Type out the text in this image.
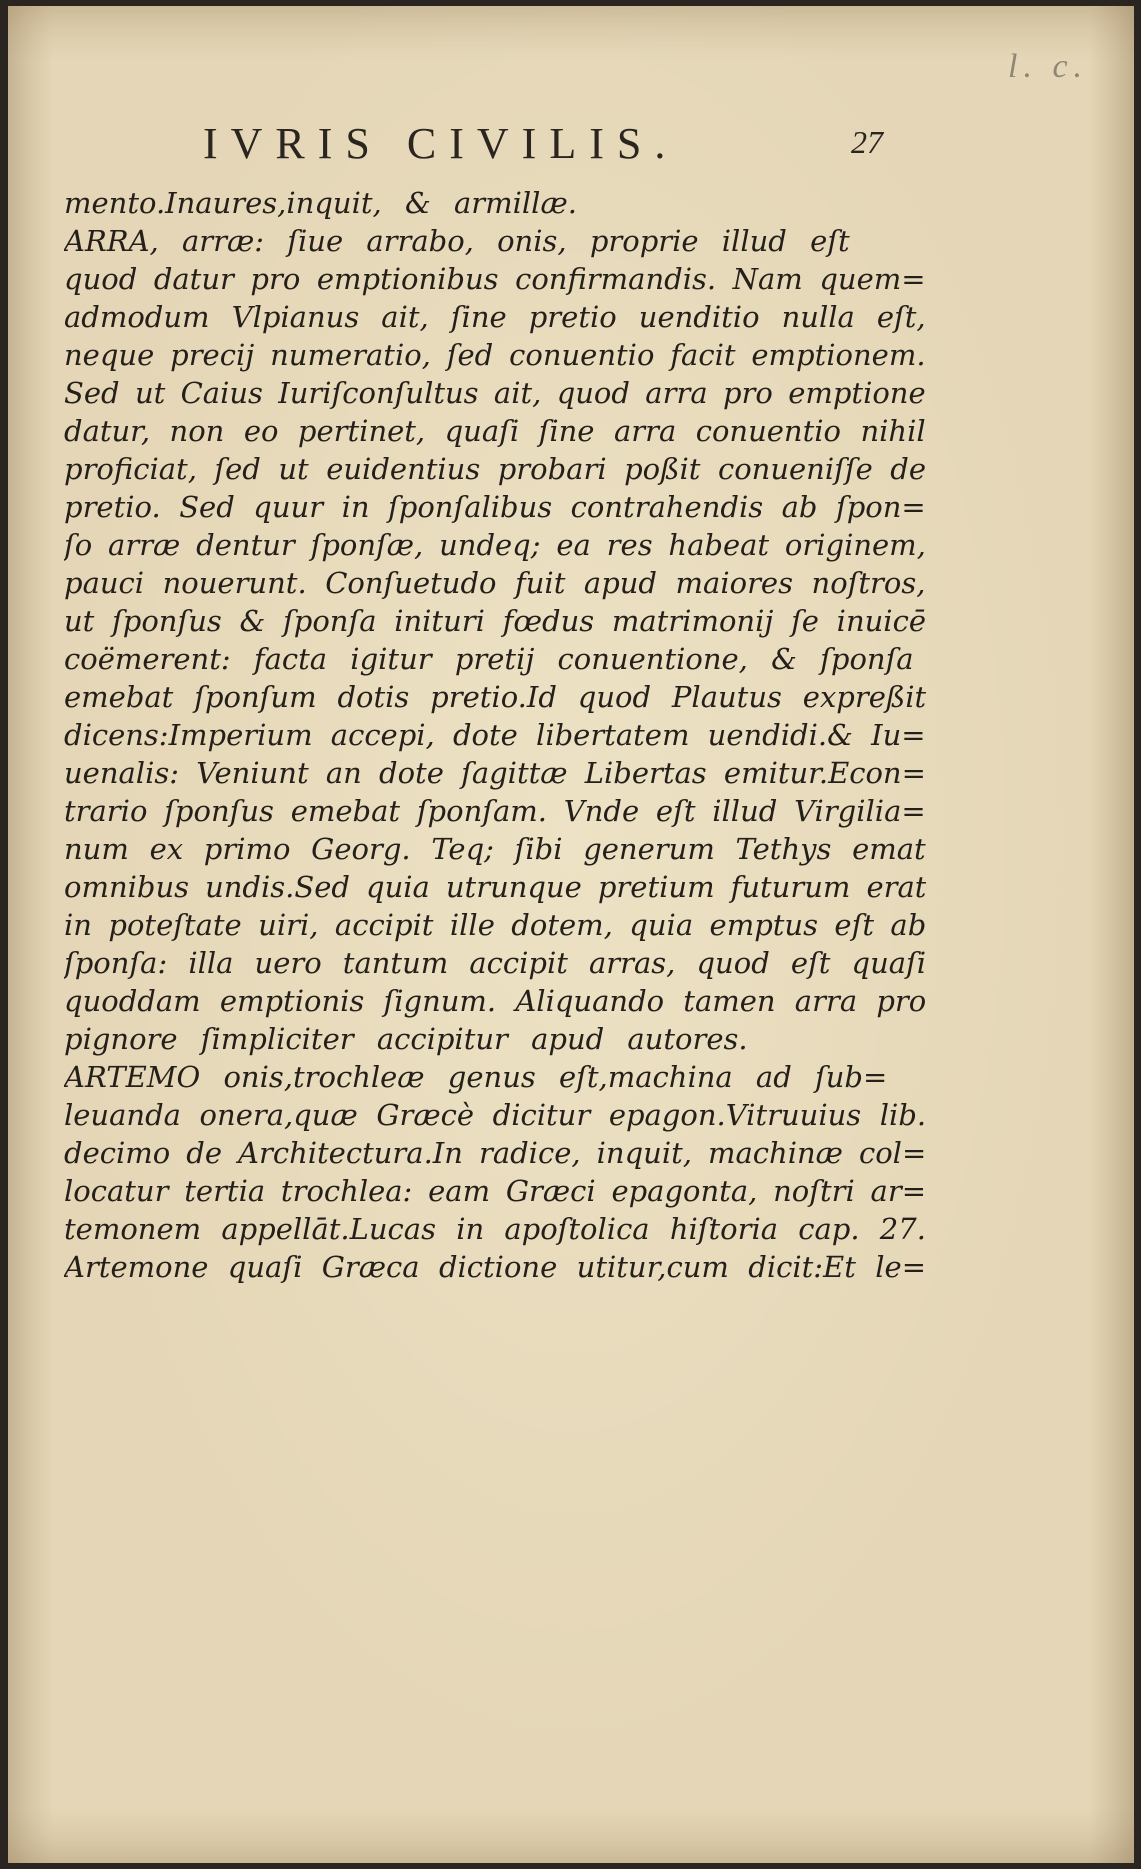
l. c.
IVRIS CIVILIS.	27
mento.Inaures,inquit, & armillæ.
ARRA, arræ: ſiue arrabo, onis, proprie illud eſt
quod datur pro emptionibus confirmandis. Nam quem=
admodum Vlpianus ait, ſine pretio uenditio nulla eſt,
neque precij numeratio, ſed conuentio facit emptionem.
Sed ut Caius Iuriſconſultus ait, quod arra pro emptione
datur, non eo pertinet, quaſi ſine arra conuentio nihil
proficiat, ſed ut euidentius probari poßit conueniſſe de
pretio. Sed quur in ſponſalibus contrahendis ab ſpon=
ſo arræ dentur ſponſæ, undeq; ea res habeat originem,
pauci nouerunt. Conſuetudo fuit apud maiores noſtros,
ut ſponſus & ſponſa inituri fœdus matrimonij ſe inuicē
coëmerent: facta igitur pretij conuentione, & ſponſa
emebat ſponſum dotis pretio.Id quod Plautus expreßit
dicens:Imperium accepi, dote libertatem uendidi.& Iu=
uenalis: Veniunt an dote ſagittæ Libertas emitur.Econ=
trario ſponſus emebat ſponſam. Vnde eſt illud Virgilia=
num ex primo Georg. Teq; ſibi generum Tethys emat
omnibus undis.Sed quia utrunque pretium futurum erat
in poteſtate uiri, accipit ille dotem, quia emptus eſt ab
ſponſa: illa uero tantum accipit arras, quod eſt quaſi
quoddam emptionis ſignum. Aliquando tamen arra pro
pignore ſimpliciter accipitur apud autores.
ARTEMO onis,trochleæ genus eſt,machina ad ſub=
leuanda onera,quæ Græcè dicitur epagon.Vitruuius lib.
decimo de Architectura.In radice, inquit, machinæ col=
locatur tertia trochlea: eam Græci epagonta, noſtri ar=
temonem appellāt.Lucas in apoſtolica hiſtoria cap. 27.
Artemone quaſi Græca dictione utitur,cum dicit:Et le=
